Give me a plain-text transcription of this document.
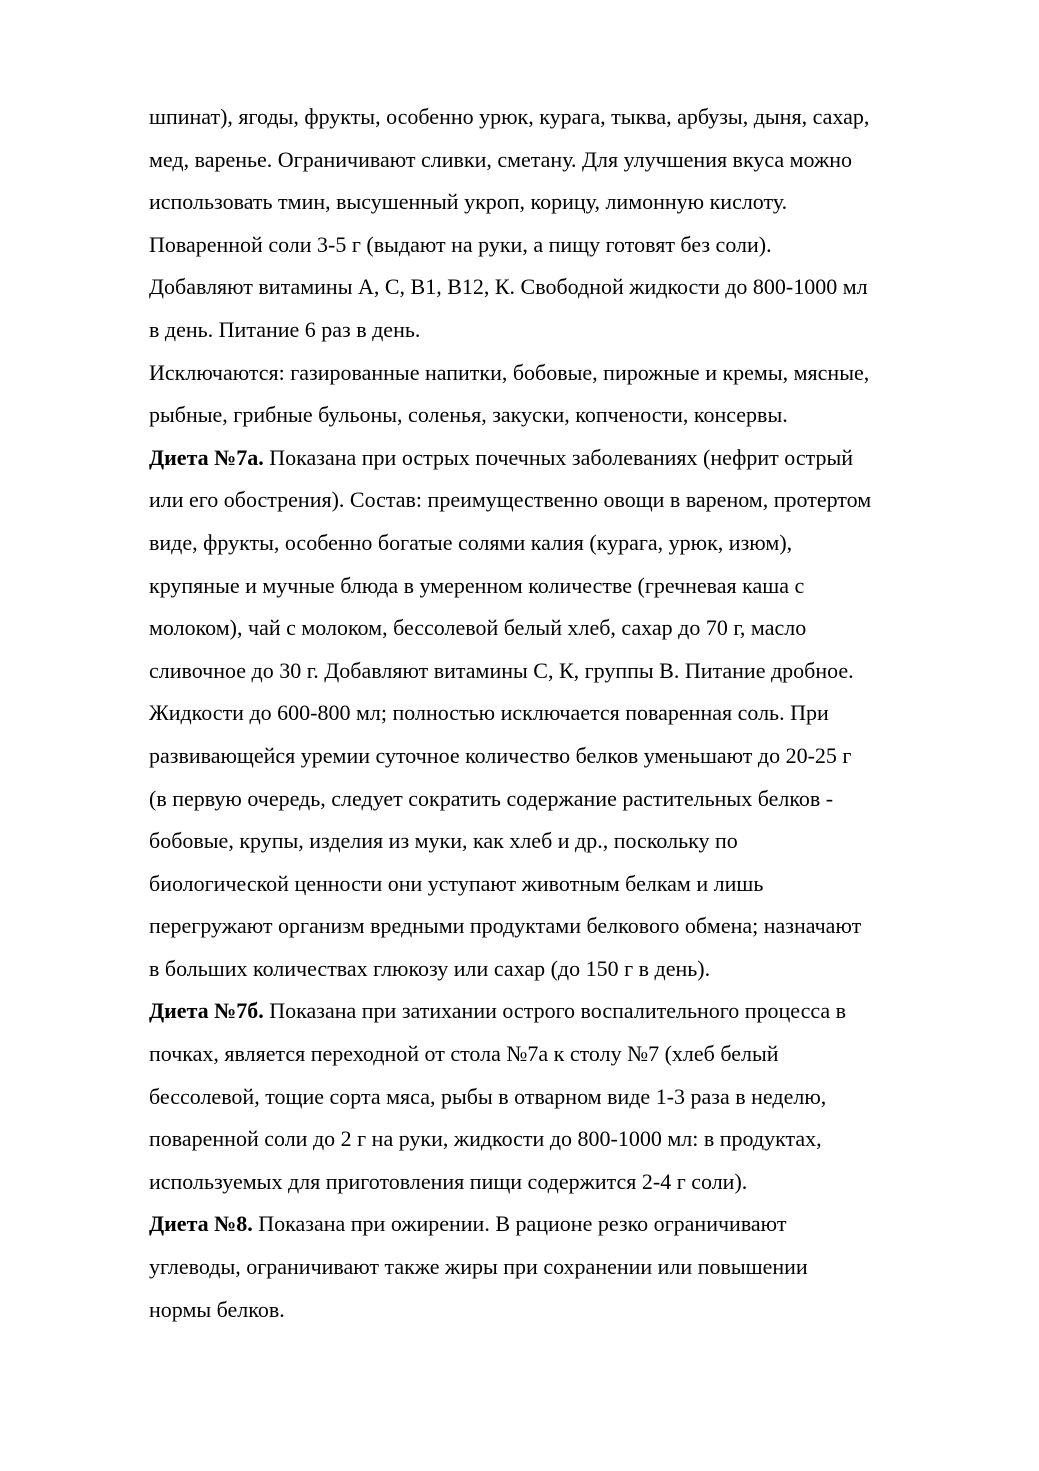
шпинат), ягоды, фрукты, особенно урюк, курага, тыква, арбузы, дыня, сахар,
мед, варенье. Ограничивают сливки, сметану. Для улучшения вкуса можно
использовать тмин, высушенный укроп, корицу, лимонную кислоту.
Поваренной соли 3-5 г (выдают на руки, а пищу готовят без соли).
Добавляют витамины А, С, В1, В12, К. Свободной жидкости до 800-1000 мл
в день. Питание 6 раз в день.
Исключаются: газированные напитки, бобовые, пирожные и кремы, мясные,
рыбные, грибные бульоны, соленья, закуски, копчености, консервы.
Диета №7а. Показана при острых почечных заболеваниях (нефрит острый
или его обострения). Состав: преимущественно овощи в вареном, протертом
виде, фрукты, особенно богатые солями калия (курага, урюк, изюм),
крупяные и мучные блюда в умеренном количестве (гречневая каша с
молоком), чай с молоком, бессолевой белый хлеб, сахар до 70 г, масло
сливочное до 30 г. Добавляют витамины С, К, группы В. Питание дробное.
Жидкости до 600-800 мл; полностью исключается поваренная соль. При
развивающейся уремии суточное количество белков уменьшают до 20-25 г
(в первую очередь, следует сократить содержание растительных белков -
бобовые, крупы, изделия из муки, как хлеб и др., поскольку по
биологической ценности они уступают животным белкам и лишь
перегружают организм вредными продуктами белкового обмена; назначают
в больших количествах глюкозу или сахар (до 150 г в день).
Диета №7б. Показана при затихании острого воспалительного процесса в
почках, является переходной от стола №7а к столу №7 (хлеб белый
бессолевой, тощие сорта мяса, рыбы в отварном виде 1-3 раза в неделю,
поваренной соли до 2 г на руки, жидкости до 800-1000 мл: в продуктах,
используемых для приготовления пищи содержится 2-4 г соли).
Диета №8. Показана при ожирении. В рационе резко ограничивают
углеводы, ограничивают также жиры при сохранении или повышении
нормы белков.
